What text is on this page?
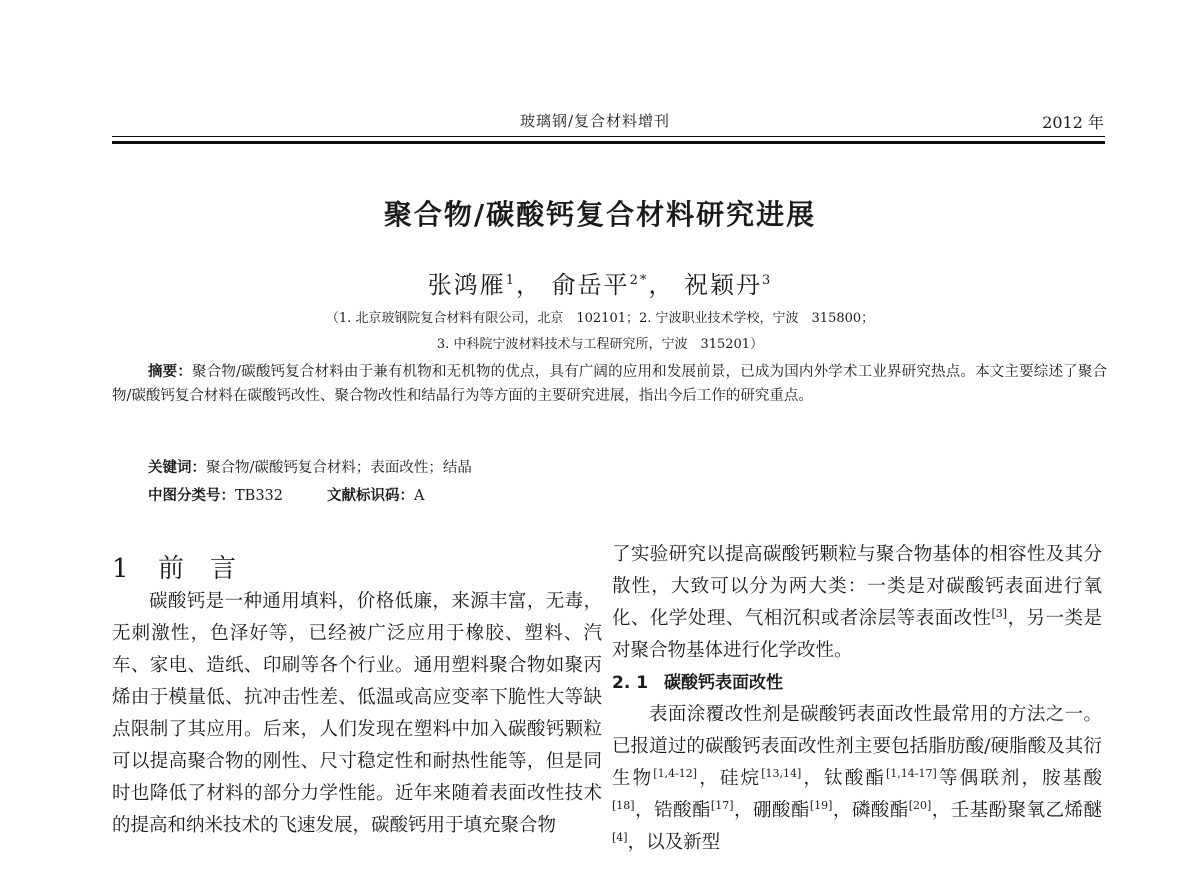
玻璃钢/复合材料增刊	2012 年
聚合物/碳酸钙复合材料研究进展
张鸿雁$^1$， 俞岳平$^{2*}$， 祝颖丹$^3$
（1. 北京玻钢院复合材料有限公司，北京　102101；2. 宁波职业技术学校，宁波　315800；
3. 中科院宁波材料技术与工程研究所，宁波　315201）
摘要：聚合物/碳酸钙复合材料由于兼有机物和无机物的优点，具有广阔的应用和发展前景，已成为国内外学术工业界研究热点。本文主要综述了聚合物/碳酸钙复合材料在碳酸钙改性、聚合物改性和结晶行为等方面的主要研究进展，指出今后工作的研究重点。
关键词：聚合物/碳酸钙复合材料；表面改性；结晶
中图分类号：TB332	文献标识码：A
1 前　言

碳酸钙是一种通用填料，价格低廉，来源丰富，无毒，无刺激性，色泽好等，已经被广泛应用于橡胶、塑料、汽车、家电、造纸、印刷等各个行业。通用塑料聚合物如聚丙烯由于模量低、抗冲击性差、低温或高应变率下脆性大等缺点限制了其应用。后来，人们发现在塑料中加入碳酸钙颗粒可以提高聚合物的刚性、尺寸稳定性和耐热性能等，但是同时也降低了材料的部分力学性能。近年来随着表面改性技术的提高和纳米技术的飞速发展，碳酸钙用于填充聚合物

了实验研究以提高碳酸钙颗粒与聚合物基体的相容性及其分散性，大致可以分为两大类：一类是对碳酸钙表面进行氧化、化学处理、气相沉积或者涂层等表面改性[3]，另一类是对聚合物基体进行化学改性。

2. 1 碳酸钙表面改性

表面涂覆改性剂是碳酸钙表面改性最常用的方法之一。已报道过的碳酸钙表面改性剂主要包括脂肪酸/硬脂酸及其衍生物[1,4-12]，硅烷[13,14]，钛酸酯[1,14-17]等偶联剂，胺基酸[18]，锆酸酯[17]，硼酸酯[19]，磷酸酯[20]，壬基酚聚氧乙烯醚[4]，以及新型
